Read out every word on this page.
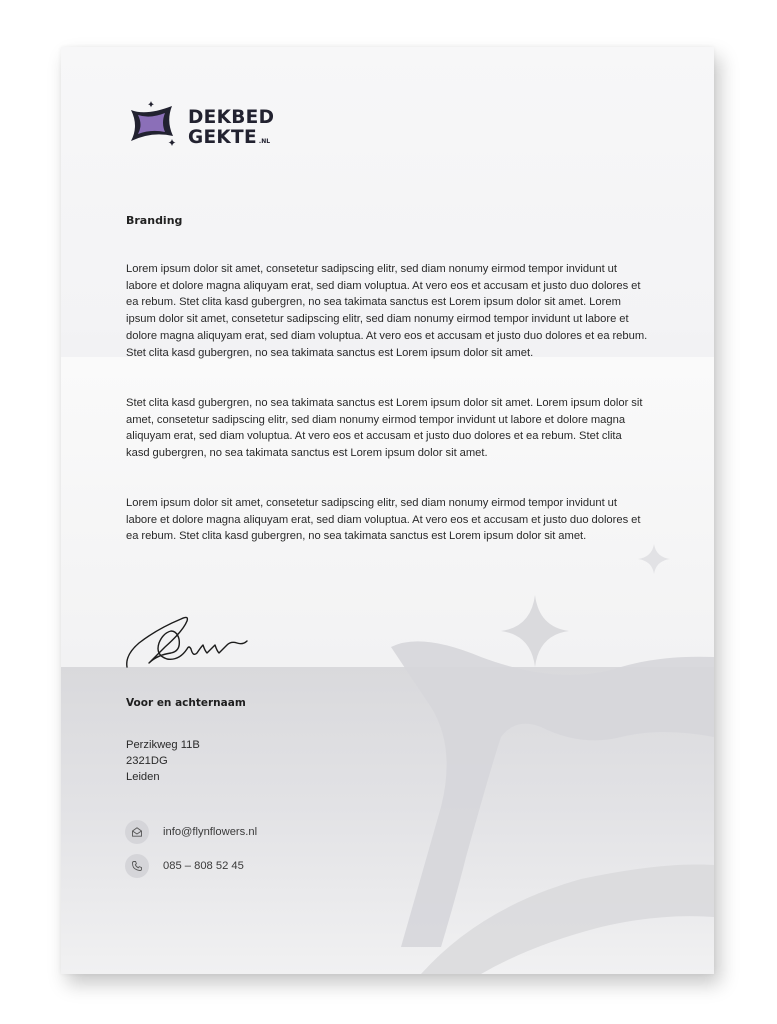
DEKBED
GEKTE .NL
Branding

Lorem ipsum dolor sit amet, consetetur sadipscing elitr, sed diam nonumy eirmod tempor invidunt ut labore et dolore magna aliquyam erat, sed diam voluptua. At vero eos et accusam et justo duo dolores et ea rebum. Stet clita kasd gubergren, no sea takimata sanctus est Lorem ipsum dolor sit amet. Lorem ipsum dolor sit amet, consetetur sadipscing elitr, sed diam nonumy eirmod tempor invidunt ut labore et dolore magna aliquyam erat, sed diam voluptua. At vero eos et accusam et justo duo dolores et ea rebum. Stet clita kasd gubergren, no sea takimata sanctus est Lorem ipsum dolor sit amet.

Stet clita kasd gubergren, no sea takimata sanctus est Lorem ipsum dolor sit amet. Lorem ipsum dolor sit amet, consetetur sadipscing elitr, sed diam nonumy eirmod tempor invidunt ut labore et dolore magna aliquyam erat, sed diam voluptua. At vero eos et accusam et justo duo dolores et ea rebum. Stet clita kasd gubergren, no sea takimata sanctus est Lorem ipsum dolor sit amet.

Lorem ipsum dolor sit amet, consetetur sadipscing elitr, sed diam nonumy eirmod tempor invidunt ut labore et dolore magna aliquyam erat, sed diam voluptua. At vero eos et accusam et justo duo dolores et ea rebum. Stet clita kasd gubergren, no sea takimata sanctus est Lorem ipsum dolor sit amet.

Voor en achternaam
Perzikweg 11B
2321DG
Leiden
info@flynflowers.nl
085 – 808 52 45
